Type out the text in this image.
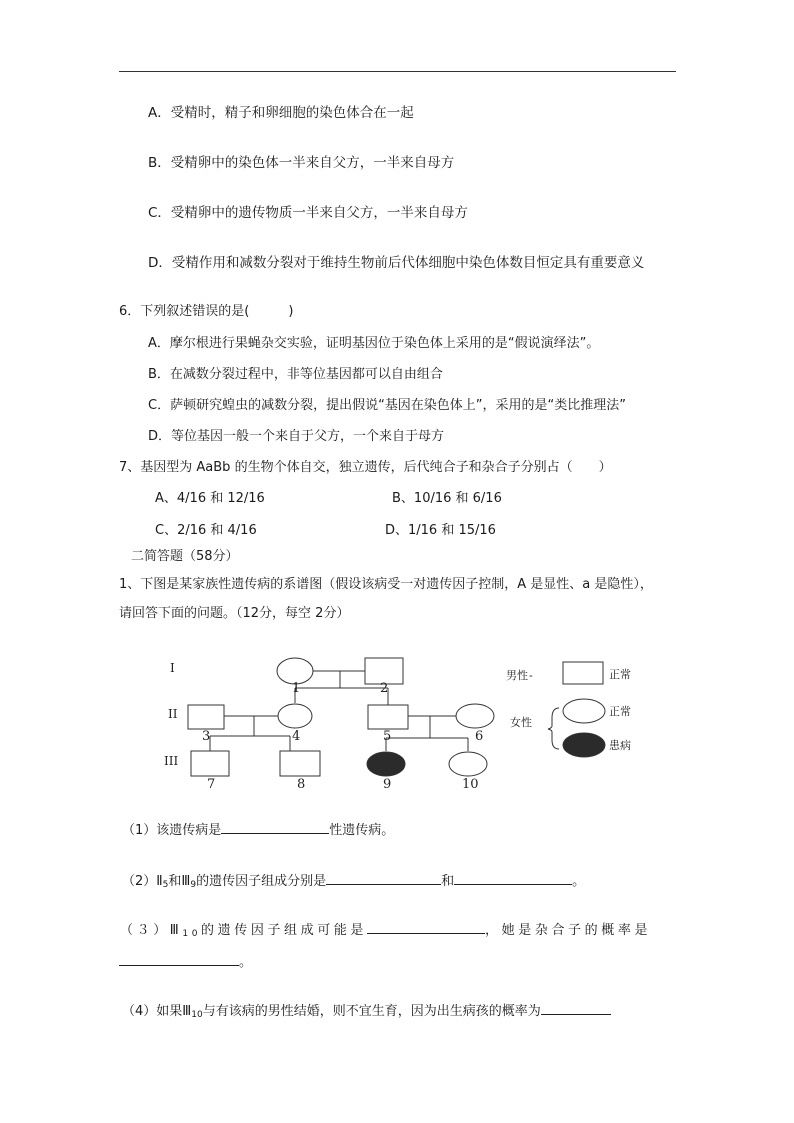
A．受精时，精子和卵细胞的染色体合在一起
B．受精卵中的染色体一半来自父方，一半来自母方
C．受精卵中的遗传物质一半来自父方，一半来自母方
D．受精作用和减数分裂对于维持生物前后代体细胞中染色体数目恒定具有重要意义
6．下列叙述错误的是(　　　)
A．摩尔根进行果蝇杂交实验，证明基因位于染色体上采用的是“假说演绎法”。
B．在减数分裂过程中，非等位基因都可以自由组合
C．萨顿研究蝗虫的减数分裂，提出假说“基因在染色体上”，采用的是“类比推理法”
D．等位基因一般一个来自于父方，一个来自于母方
7、基因型为 AaBb 的生物个体自交，独立遗传，后代纯合子和杂合子分别占（　　）
A、4/16 和 12/16	B、10/16 和 6/16
C、2/16 和 4/16	D、1/16 和 15/16
二简答题（58分）
1、下图是某家族性遗传病的系谱图（假设该病受一对遗传因子控制，A 是显性、a 是隐性），
请回答下面的问题。（12分，每空 2分）
I
II
III
1	2
3	4	5	6
7	8	9	10
男性 -	正常
女性
正常
患病
（1）该遗传病是	性遗传病。
$(2)Ⅱ_5$和$Ⅲ_9$的遗传因子组成分别是	和	。
$(3)Ⅲ_{10}$的遗传因子组成可能是	，她是杂合子的概率是
。
（4）如果$Ⅲ_{10}$与有该病的男性结婚，则不宜生育，因为出生病孩的概率为
